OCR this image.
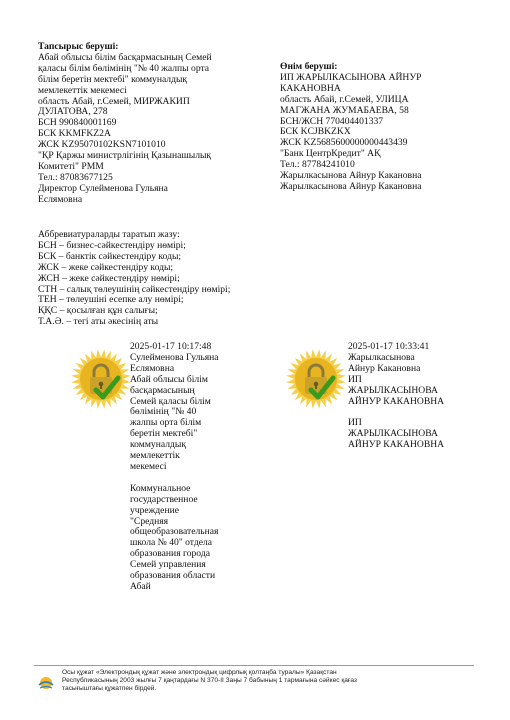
Тапсырыс беруші:
Абай облысы білім басқармасының Семей
қаласы білім бөлімінің "№ 40 жалпы орта
білім беретін мектебі" коммуналдық
мемлекеттік мекемесі
область Абай, г.Семей, МИРЖАКИП
ДУЛАТОВА, 278
БСН 990840001169
БСК KKMFKZ2A
ЖСК KZ95070102KSN7101010
"ҚР Қаржы министрлігінің Қазынашылық
Комитеті" РММ
Тел.: 87083677125
Директор Сулейменова Гульяна
Еслямовна
Өнім беруші:
ИП ЖАРЫЛКАСЫНОВА АЙНУР
КАКАНОВНА
область Абай, г.Семей, УЛИЦА
МАГЖАНА ЖУМАБАЕВА, 58
БСН/ЖСН 770404401337
БСК KCJBKZKX
ЖСК KZ5685600000000443439
"Банк ЦентрКредит" АҚ
Тел.: 87784241010
Жарылкасынова Айнур Какановна
Жарылкасынова Айнур Какановна
Аббревиатураларды таратып жазу:
БСН – бизнес-сәйкестендіру нөмірі;
БСК – банктік сәйкестендіру коды;
ЖСК – жеке сәйкестендіру коды;
ЖСН – жеке сәйкестендіру нөмірі;
СТН – салық төлеушінің сәйкестендіру нөмірі;
ТЕН – төлеушіні есепке алу нөмірі;
ҚҚС – қосылған құн салығы;
Т.А.Ә. – тегі аты әкесінің аты
2025-01-17 10:17:48
Сулейменова Гульяна
Еслямовна
Абай облысы білім
басқармасының
Семей қаласы білім
бөлімінің "№ 40
жалпы орта білім
беретін мектебі"
коммуналдық
мемлекеттік
мекемесі

Коммунальное
государственное
учреждение
"Средняя
общеобразовательная
школа № 40" отдела
образования города
Семей управления
образования области
Абай
2025-01-17 10:33:41
Жарылкасынова
Айнур Какановна
ИП
ЖАРЫЛКАСЫНОВА
АЙНУР КАКАНОВНА

ИП
ЖАРЫЛКАСЫНОВА
АЙНУР КАКАНОВНА
Осы құжат «Электрондық құжат және электрондық цифрлық қолтаңба туралы» Қазақстан
Республикасының 2003 жылғы 7 қаңтардағы N 370-II Заңы 7 бабының 1 тармағына сәйкес қағаз
тасығыштағы құжатпен бірдей.
